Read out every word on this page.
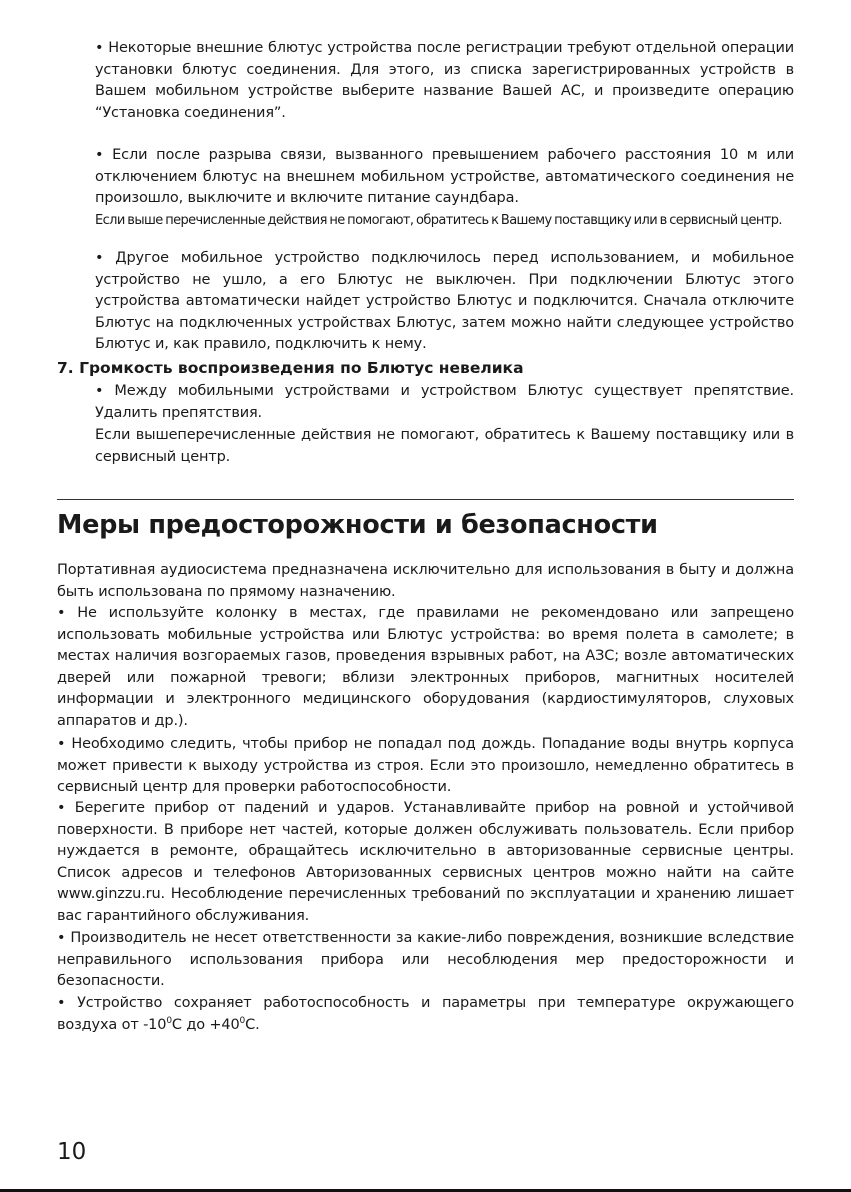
• Некоторые внешние блютус устройства после регистрации требуют отдельной операции установки блютус соединения. Для этого, из списка зарегистрированных устройств в Вашем мобильном устройстве выберите название Вашей АС, и произведите операцию “Установка соединения”.

• Если после разрыва связи, вызванного превышением рабочего расстояния 10 м или отключением блютус на внешнем мобильном устройстве, автоматического соединения не произошло, выключите и включите питание саундбара.

Если выше перечисленные действия не помогают, обратитесь к Вашему поставщику или в сервисный центр.

• Другое мобильное устройство подключилось перед использованием, и мобильное устройство не ушло, а его Блютус не выключен. При подключении Блютус этого устройства автоматически найдет устройство Блютус и подключится. Сначала отключите Блютус на подключенных устройствах Блютус, затем можно найти следующее устройство Блютус и, как правило, подключить к нему.

7. Громкость воспроизведения по Блютус невелика

• Между мобильными устройствами и устройством Блютус существует препятствие. Удалить препятствия.

Если вышеперечисленные действия не помогают, обратитесь к Вашему поставщику или в сервисный центр.

Меры предосторожности и безопасности

Портативная аудиосистема предназначена исключительно для использования в быту и должна быть использована по прямому назначению.

• Не используйте колонку в местах, где правилами не рекомендовано или запрещено использовать мобильные устройства или Блютус устройства: во время полета в самолете; в местах наличия возгораемых газов, проведения взрывных работ, на АЗС; возле автоматических дверей или пожарной тревоги; вблизи электронных приборов, магнитных носителей информации и электронного медицинского оборудования (кардиостимуляторов, слуховых аппаратов и др.).

• Необходимо следить, чтобы прибор не попадал под дождь. Попадание воды внутрь корпуса может привести к выходу устройства из строя. Если это произошло, немедленно обратитесь в сервисный центр для проверки работоспособности.

• Берегите прибор от падений и ударов. Устанавливайте прибор на ровной и устойчивой поверхности. В приборе нет частей, которые должен обслуживать пользователь. Если прибор нуждается в ремонте, обращайтесь исключительно в авторизованные сервисные центры. Список адресов и телефонов Авторизованных сервисных центров можно найти на сайте www.ginzzu.ru. Несоблюдение перечисленных требований по эксплуатации и хранению лишает вас гарантийного обслуживания.

• Производитель не несет ответственности за какие-либо повреждения, возникшие вследствие неправильного использования прибора или несоблюдения мер предосторожности и безопасности.

• Устройство сохраняет работоспособность и параметры при температуре окружающего воздуха от $-10^0С$ до $+40^0С$.

10
